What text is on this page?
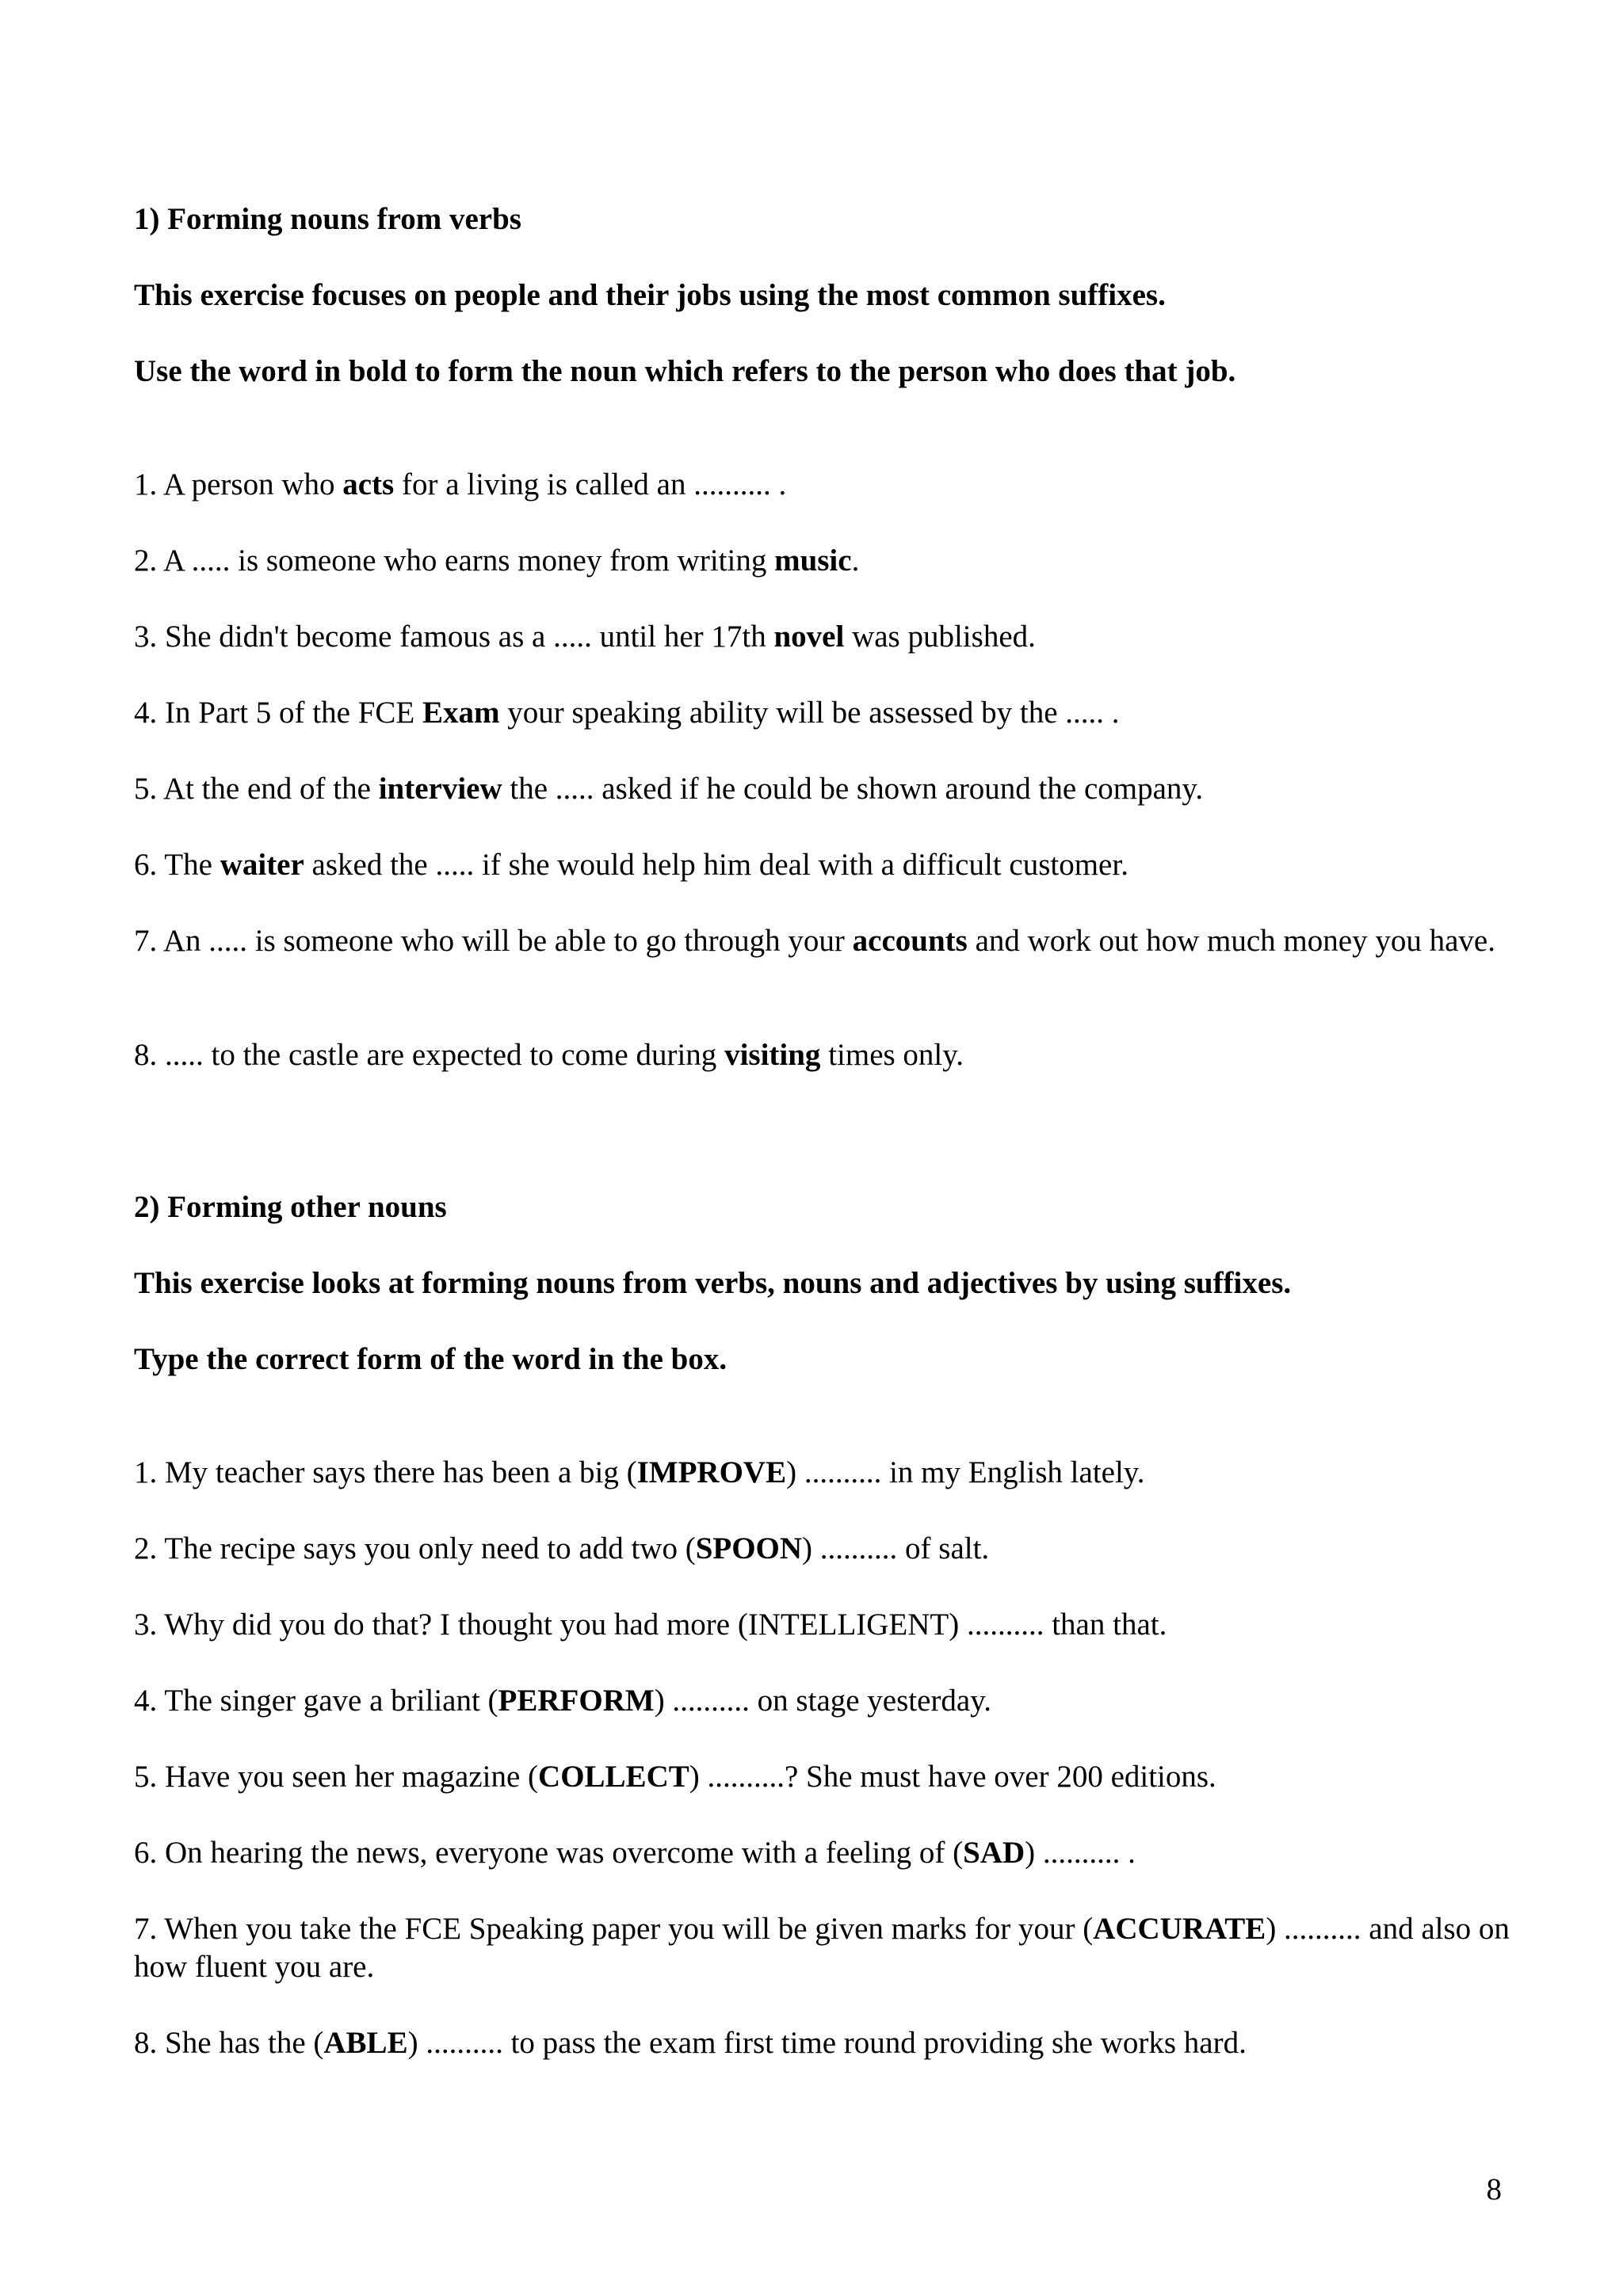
1) Forming nouns from verbs
This exercise focuses on people and their jobs using the most common suffixes.
Use the word in bold to form the noun which refers to the person who does that job.
1. A person who acts for a living is called an .......... .
2. A ..... is someone who earns money from writing music.
3. She didn't become famous as a ..... until her 17th novel was published.
4. In Part 5 of the FCE Exam your speaking ability will be assessed by the ..... .
5. At the end of the interview the ..... asked if he could be shown around the company.
6. The waiter asked the ..... if she would help him deal with a difficult customer.
7. An ..... is someone who will be able to go through your accounts and work out how much money you have.
8. ..... to the castle are expected to come during visiting times only.
2) Forming other nouns
This exercise looks at forming nouns from verbs, nouns and adjectives by using suffixes.
Type the correct form of the word in the box.
1. My teacher says there has been a big (IMPROVE) .......... in my English lately.
2. The recipe says you only need to add two (SPOON) .......... of salt.
3. Why did you do that? I thought you had more (INTELLIGENT) .......... than that.
4. The singer gave a briliant (PERFORM) .......... on stage yesterday.
5. Have you seen her magazine (COLLECT) ..........? She must have over 200 editions.
6. On hearing the news, everyone was overcome with a feeling of (SAD) .......... .
7. When you take the FCE Speaking paper you will be given marks for your (ACCURATE) .......... and also on how fluent you are.
8. She has the (ABLE) .......... to pass the exam first time round providing she works hard.
8
